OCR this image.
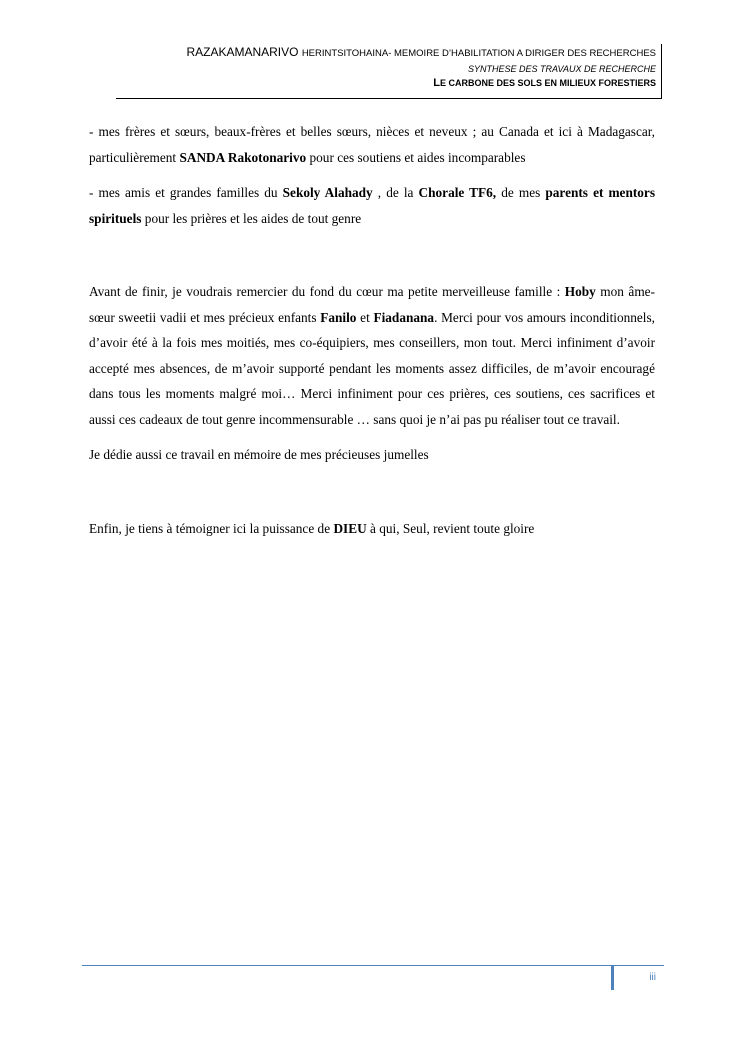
RAZAKAMANARIVO HERINTSITOHAINA- MEMOIRE D’HABILITATION A DIRIGER DES RECHERCHES
SYNTHESE DES TRAVAUX DE RECHERCHE
LE CARBONE DES SOLS EN MILIEUX FORESTIERS

- mes frères et sœurs, beaux-frères et belles sœurs, nièces et neveux ; au Canada et ici à Madagascar, particulièrement SANDA Rakotonarivo pour ces soutiens et aides incomparables

- mes amis et grandes familles du Sekoly Alahady , de la Chorale TF6, de mes parents et mentors spirituels pour les prières et les aides de tout genre

Avant de finir, je voudrais remercier du fond du cœur ma petite merveilleuse famille : Hoby mon âme-sœur sweetii vadii et mes précieux enfants Fanilo et Fiadanana. Merci pour vos amours inconditionnels, d’avoir été à la fois mes moitiés, mes co-équipiers, mes conseillers, mon tout. Merci infiniment d’avoir accepté mes absences, de m’avoir supporté pendant les moments assez difficiles, de m’avoir encouragé dans tous les moments malgré moi… Merci infiniment pour ces prières, ces soutiens, ces sacrifices et aussi ces cadeaux de tout genre incommensurable … sans quoi je n’ai pas pu réaliser tout ce travail.

Je dédie aussi ce travail en mémoire de mes précieuses jumelles

Enfin, je tiens à témoigner ici la puissance de DIEU à qui, Seul, revient toute gloire

iii
